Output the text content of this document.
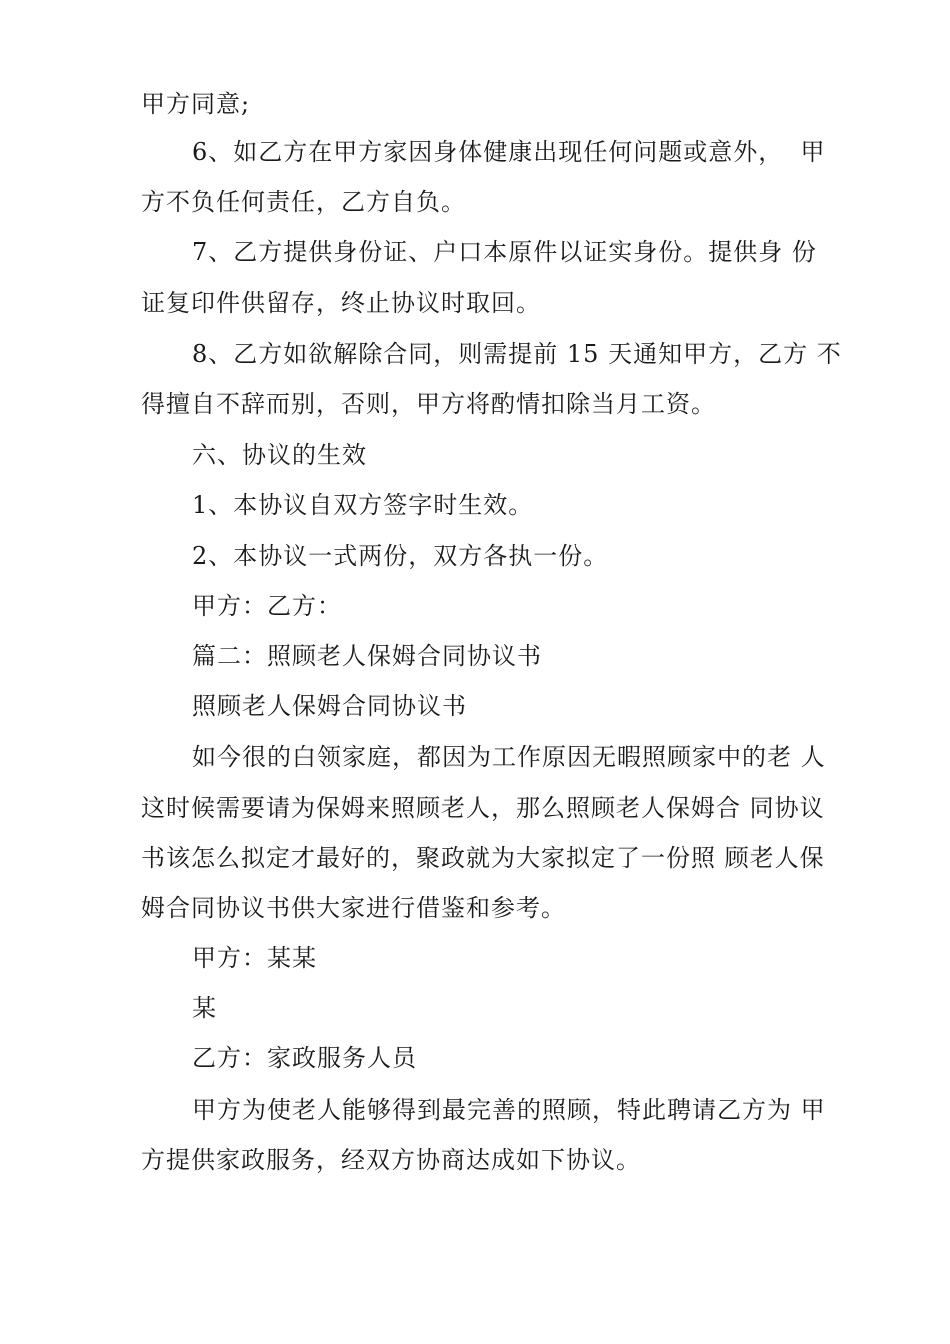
甲方同意;
6、如乙方在甲方家因身体健康出现任何问题或意外，  甲
方不负任何责任，乙方自负。
7、乙方提供身份证、户口本原件以证实身份。提供身 份
证复印件供留存，终止协议时取回。
8、乙方如欲解除合同，则需提前 15 天通知甲方，乙方 不
得擅自不辞而别，否则，甲方将酌情扣除当月工资。
六、协议的生效
1、本协议自双方签字时生效。
2、本协议一式两份，双方各执一份。
甲方：乙方：
篇二：照顾老人保姆合同协议书
照顾老人保姆合同协议书
如今很的白领家庭，都因为工作原因无暇照顾家中的老 人
这时候需要请为保姆来照顾老人，那么照顾老人保姆合 同协议
书该怎么拟定才最好的，聚政就为大家拟定了一份照 顾老人保
姆合同协议书供大家进行借鉴和参考。
甲方：某某
某
乙方：家政服务人员
甲方为使老人能够得到最完善的照顾，特此聘请乙方为 甲
方提供家政服务，经双方协商达成如下协议。
